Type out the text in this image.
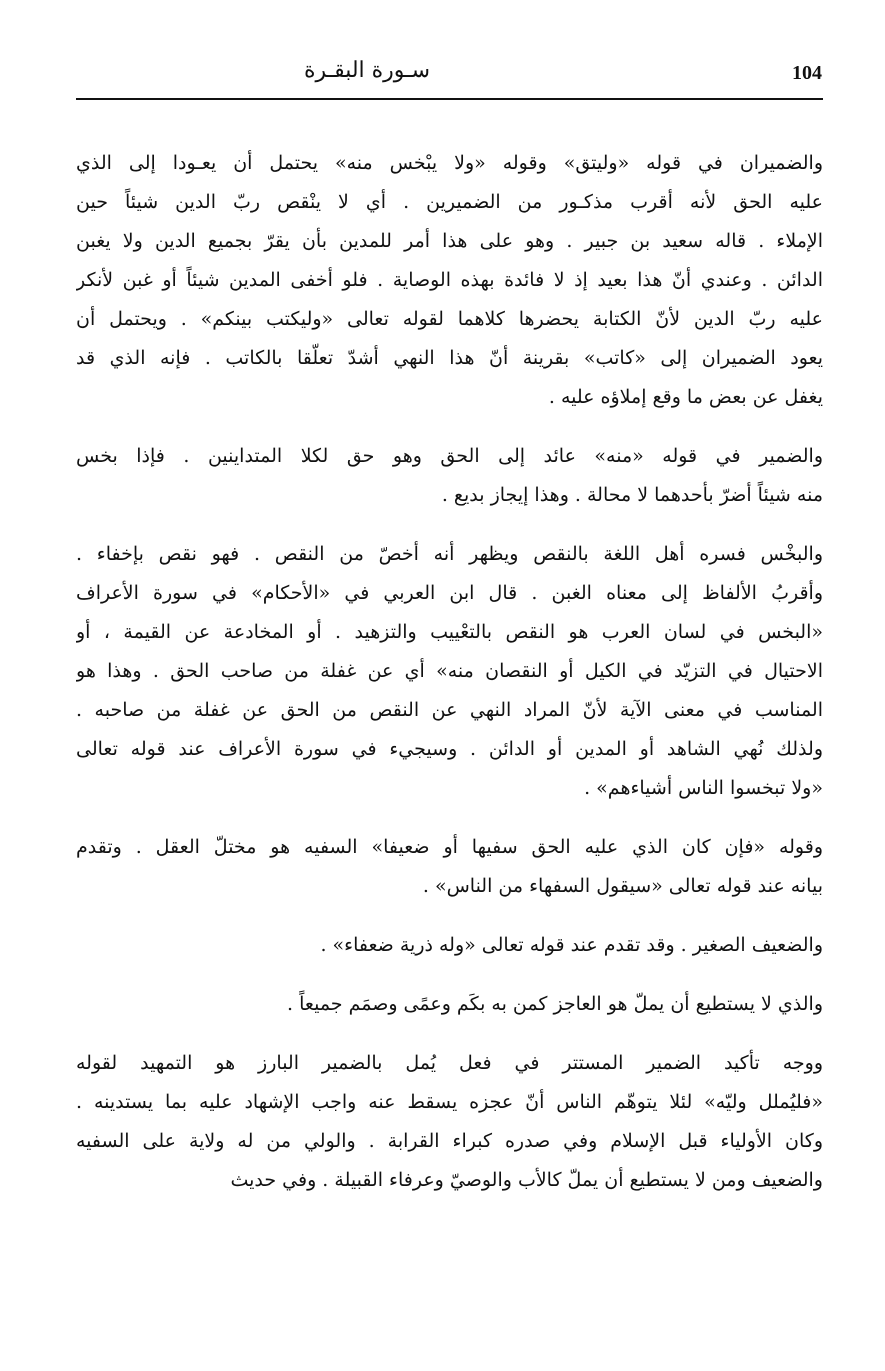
104
سـورة البقـرة
والضميران في قوله «وليتق» وقوله «ولا يبْخس منه» يحتمل أن يعـودا إلى الذي
عليه الحق لأنه أقرب مذكـور من الضميرين . أي لا ينْقص ربّ الدين شيئاً حين
الإملاء . قاله سعيد بن جبير . وهو على هذا أمر للمدين بأن يقرّ بجميع الدين ولا يغبن
الدائن . وعندي أنّ هذا بعيد إذ لا فائدة بهذه الوصاية . فلو أخفى المدين شيئاً أو غبن لأنكر
عليه ربّ الدين لأنّ الكتابة يحضرها كلاهما لقوله تعالى «وليكتب بينكم» . ويحتمل أن
يعود الضميران إلى «كاتب» بقرينة أنّ هذا النهي أشدّ تعلّقا بالكاتب . فإنه الذي قد
يغفل عن بعض ما وقع إملاؤه عليه .
والضمير في قوله «منه» عائد إلى الحق وهو حق لكلا المتداينين . فإذا بخس
منه شيئاً أضرّ بأحدهما لا محالة . وهذا إيجاز بديع .
والبخْس فسره أهل اللغة بالنقص ويظهر أنه أخصّ من النقص . فهو نقص بإخفاء .
وأقربُ الألفاظ إلى معناه الغبن . قال ابن العربي في «الأحكام» في سورة الأعراف
«البخس في لسان العرب هو النقص بالتعْييب والتزهيد . أو المخادعة عن القيمة ، أو
الاحتيال في التزيّد في الكيل أو النقصان منه» أي عن غفلة من صاحب الحق . وهذا هو
المناسب في معنى الآية لأنّ المراد النهي عن النقص من الحق عن غفلة من صاحبه .
ولذلك نُهي الشاهد أو المدين أو الدائن . وسيجيء في سورة الأعراف عند قوله تعالى
«ولا تبخسوا الناس أشياءهم» .
وقوله «فإن كان الذي عليه الحق سفيها أو ضعيفا» السفيه هو مختلّ العقل . وتقدم
بيانه عند قوله تعالى «سيقول السفهاء من الناس» .
والضعيف الصغير . وقد تقدم عند قوله تعالى «وله ذرية ضعفاء» .
والذي لا يستطيع أن يملّ هو العاجز كمن به بكَم وعمًى وصمَم جميعاً .
ووجه تأكيد الضمير المستتر في فعل يُمل بالضمير البارز هو التمهيد لقوله
«فليُملل وليّه» لئلا يتوهّم الناس أنّ عجزه يسقط عنه واجب الإشهاد عليه بما يستدينه .
وكان الأولياء قبل الإسلام وفي صدره كبراء القرابة . والولي من له ولاية على السفيه
والضعيف ومن لا يستطيع أن يملّ كالأب والوصيّ وعرفاء القبيلة . وفي حديث
